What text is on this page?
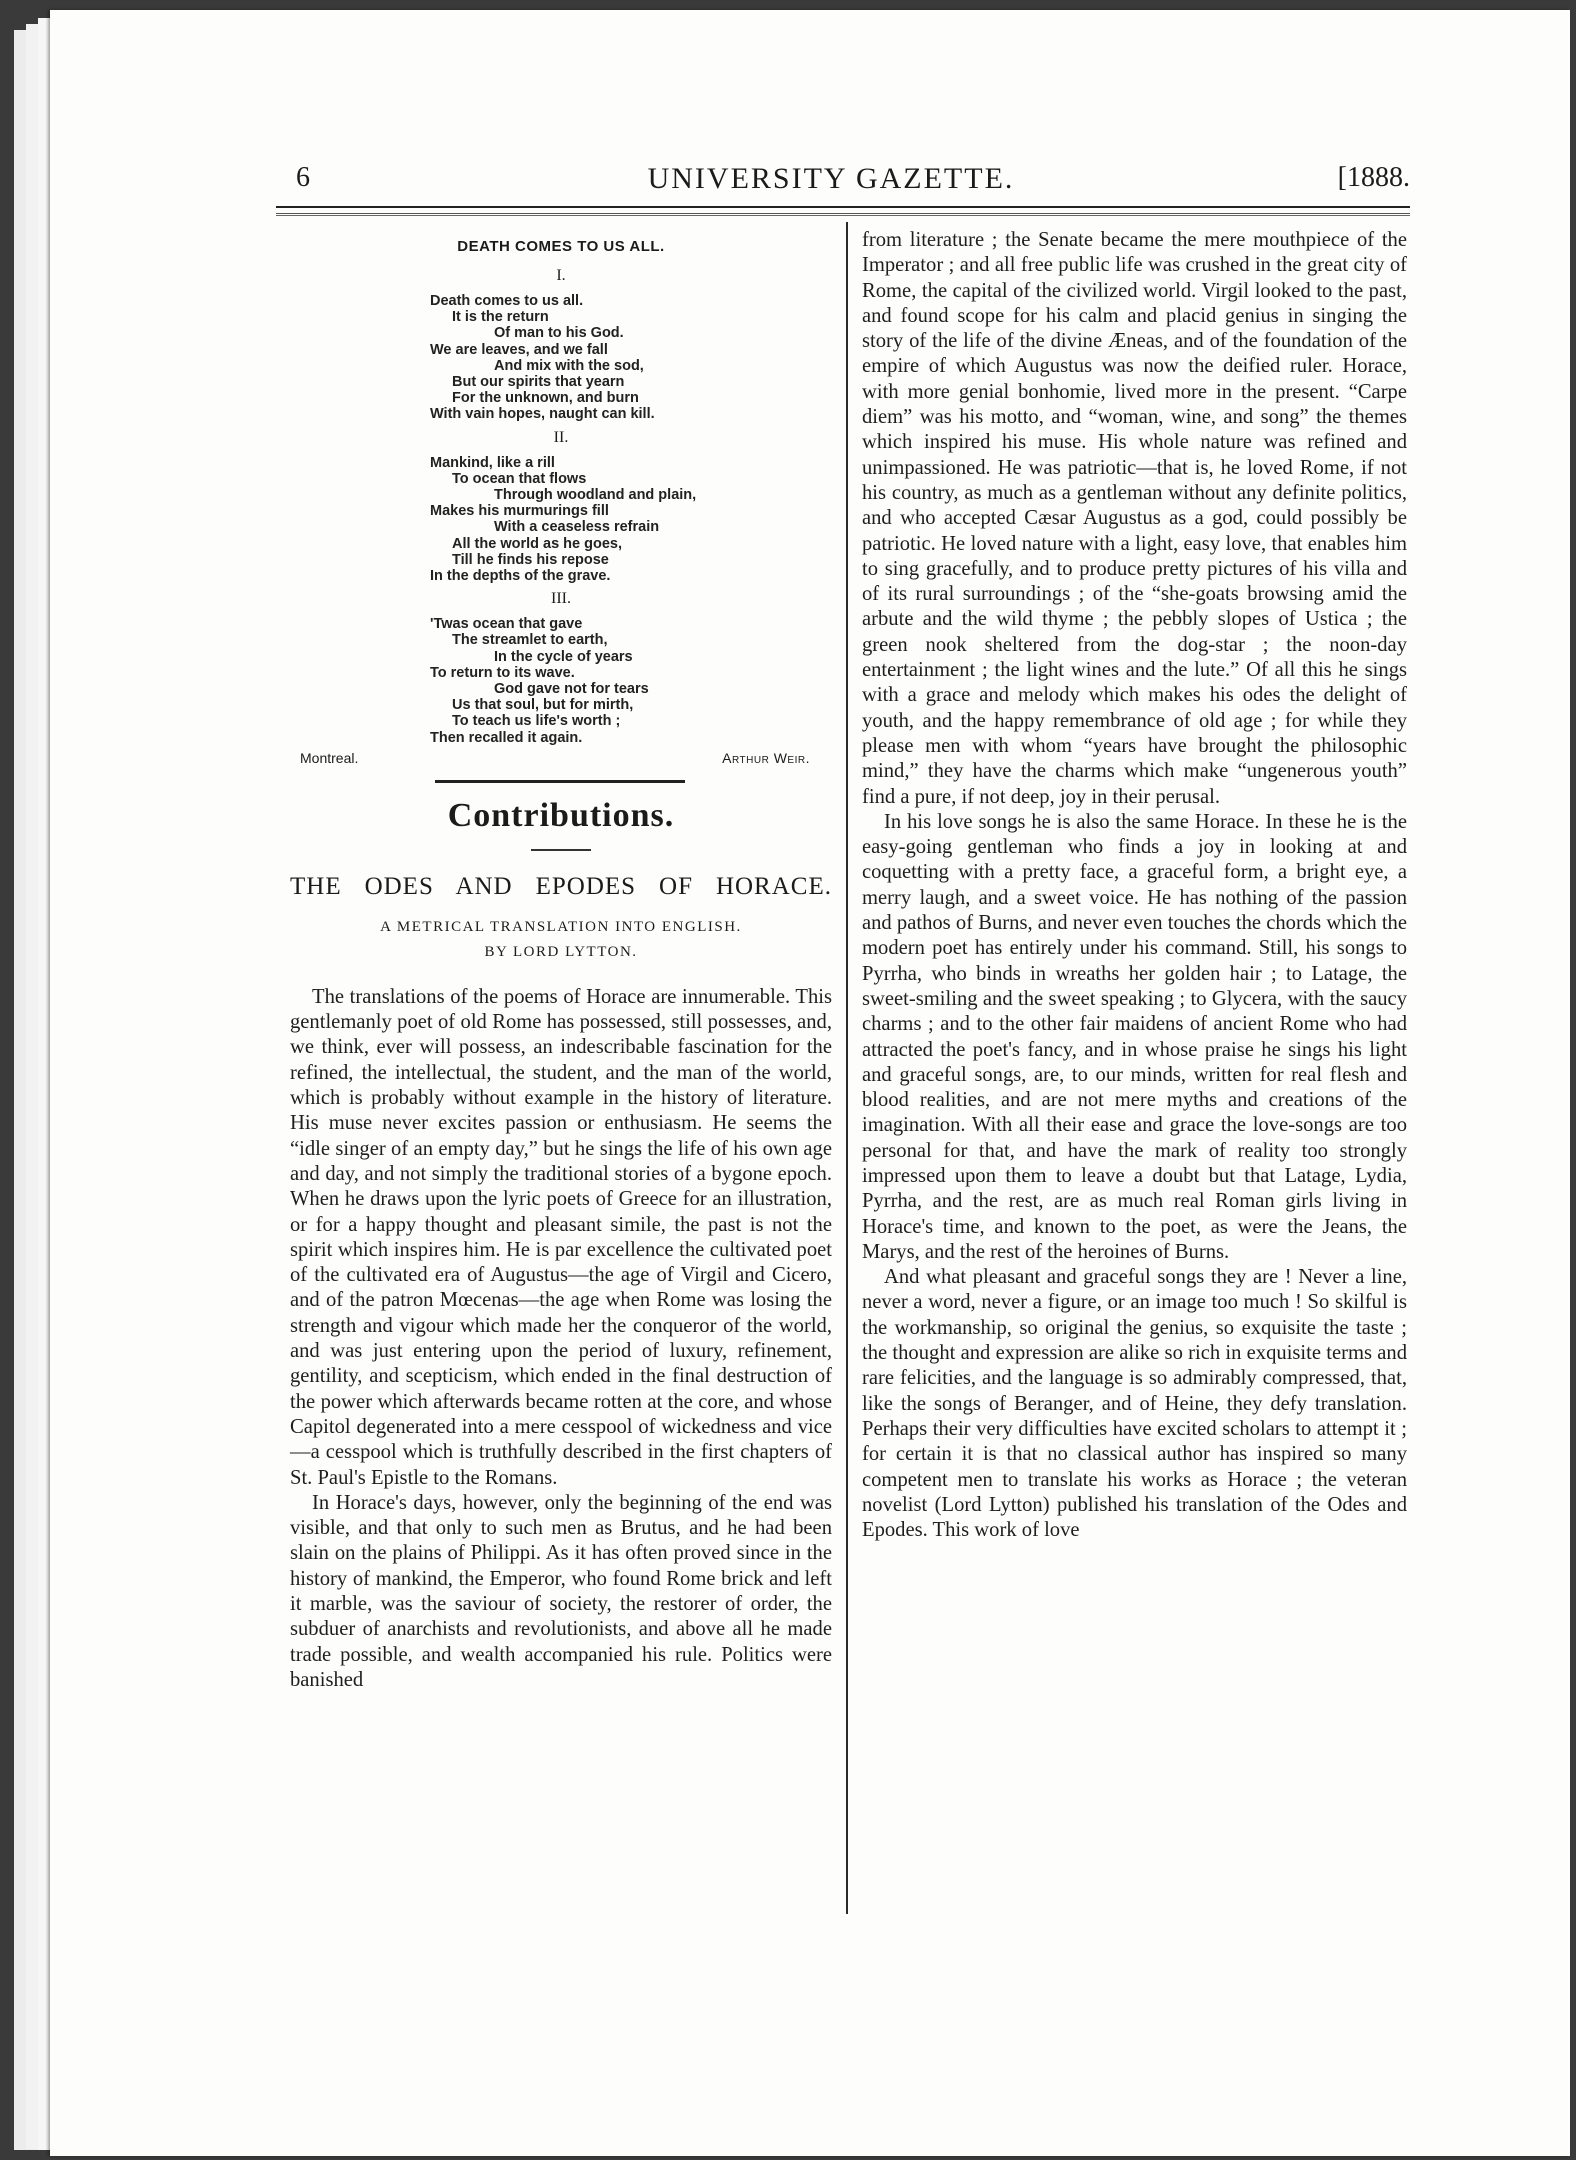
6	UNIVERSITY GAZETTE.	[1888.
DEATH COMES TO US ALL.
I.
Death comes to us all.
It is the return
Of man to his God.
We are leaves, and we fall
And mix with the sod,
But our spirits that yearn
For the unknown, and burn
With vain hopes, naught can kill.
II.
Mankind, like a rill
To ocean that flows
Through woodland and plain,
Makes his murmurings fill
With a ceaseless refrain
All the world as he goes,
Till he finds his repose
In the depths of the grave.
III.
'Twas ocean that gave
The streamlet to earth,
In the cycle of years
To return to its wave.
God gave not for tears
Us that soul, but for mirth,
To teach us life's worth ;
Then recalled it again.
Montreal.	Arthur Weir.
Contributions.
THE ODES AND EPODES OF HORACE.
A METRICAL TRANSLATION INTO ENGLISH.
BY LORD LYTTON.

The translations of the poems of Horace are innumerable. This gentlemanly poet of old Rome has possessed, still possesses, and, we think, ever will possess, an indescribable fascination for the refined, the intellectual, the student, and the man of the world, which is probably without example in the history of literature. His muse never excites passion or enthusiasm. He seems the “idle singer of an empty day,” but he sings the life of his own age and day, and not simply the traditional stories of a bygone epoch. When he draws upon the lyric poets of Greece for an illustration, or for a happy thought and pleasant simile, the past is not the spirit which inspires him. He is par excellence the cultivated poet of the cultivated era of Augustus—the age of Virgil and Cicero, and of the patron Mœcenas—the age when Rome was losing the strength and vigour which made her the conqueror of the world, and was just entering upon the period of luxury, refinement, gentility, and scepticism, which ended in the final destruction of the power which afterwards became rotten at the core, and whose Capitol degenerated into a mere cesspool of wickedness and vice—a cesspool which is truthfully described in the first chapters of St. Paul's Epistle to the Romans.

In Horace's days, however, only the beginning of the end was visible, and that only to such men as Brutus, and he had been slain on the plains of Philippi. As it has often proved since in the history of mankind, the Emperor, who found Rome brick and left it marble, was the saviour of society, the restorer of order, the subduer of anarchists and revolutionists, and above all he made trade possible, and wealth accompanied his rule. Politics were banished

from literature ; the Senate became the mere mouthpiece of the Imperator ; and all free public life was crushed in the great city of Rome, the capital of the civilized world. Virgil looked to the past, and found scope for his calm and placid genius in singing the story of the life of the divine Æneas, and of the foundation of the empire of which Augustus was now the deified ruler. Horace, with more genial bonhomie, lived more in the present. “Carpe diem” was his motto, and “woman, wine, and song” the themes which inspired his muse. His whole nature was refined and unimpassioned. He was patriotic—that is, he loved Rome, if not his country, as much as a gentleman without any definite politics, and who accepted Cæsar Augustus as a god, could possibly be patriotic. He loved nature with a light, easy love, that enables him to sing gracefully, and to produce pretty pictures of his villa and of its rural surroundings ; of the “she-goats browsing amid the arbute and the wild thyme ; the pebbly slopes of Ustica ; the green nook sheltered from the dog-star ; the noon-day entertainment ; the light wines and the lute.” Of all this he sings with a grace and melody which makes his odes the delight of youth, and the happy remembrance of old age ; for while they please men with whom “years have brought the philosophic mind,” they have the charms which make “ungenerous youth” find a pure, if not deep, joy in their perusal.

In his love songs he is also the same Horace. In these he is the easy-going gentleman who finds a joy in looking at and coquetting with a pretty face, a graceful form, a bright eye, a merry laugh, and a sweet voice. He has nothing of the passion and pathos of Burns, and never even touches the chords which the modern poet has entirely under his command. Still, his songs to Pyrrha, who binds in wreaths her golden hair ; to Latage, the sweet-smiling and the sweet speaking ; to Glycera, with the saucy charms ; and to the other fair maidens of ancient Rome who had attracted the poet's fancy, and in whose praise he sings his light and graceful songs, are, to our minds, written for real flesh and blood realities, and are not mere myths and creations of the imagination. With all their ease and grace the love-songs are too personal for that, and have the mark of reality too strongly impressed upon them to leave a doubt but that Latage, Lydia, Pyrrha, and the rest, are as much real Roman girls living in Horace's time, and known to the poet, as were the Jeans, the Marys, and the rest of the heroines of Burns.

And what pleasant and graceful songs they are ! Never a line, never a word, never a figure, or an image too much ! So skilful is the workmanship, so original the genius, so exquisite the taste ; the thought and expression are alike so rich in exquisite terms and rare felicities, and the language is so admirably compressed, that, like the songs of Beranger, and of Heine, they defy translation. Perhaps their very difficulties have excited scholars to attempt it ; for certain it is that no classical author has inspired so many competent men to translate his works as Horace ; the veteran novelist (Lord Lytton) published his translation of the Odes and Epodes. This work of love
